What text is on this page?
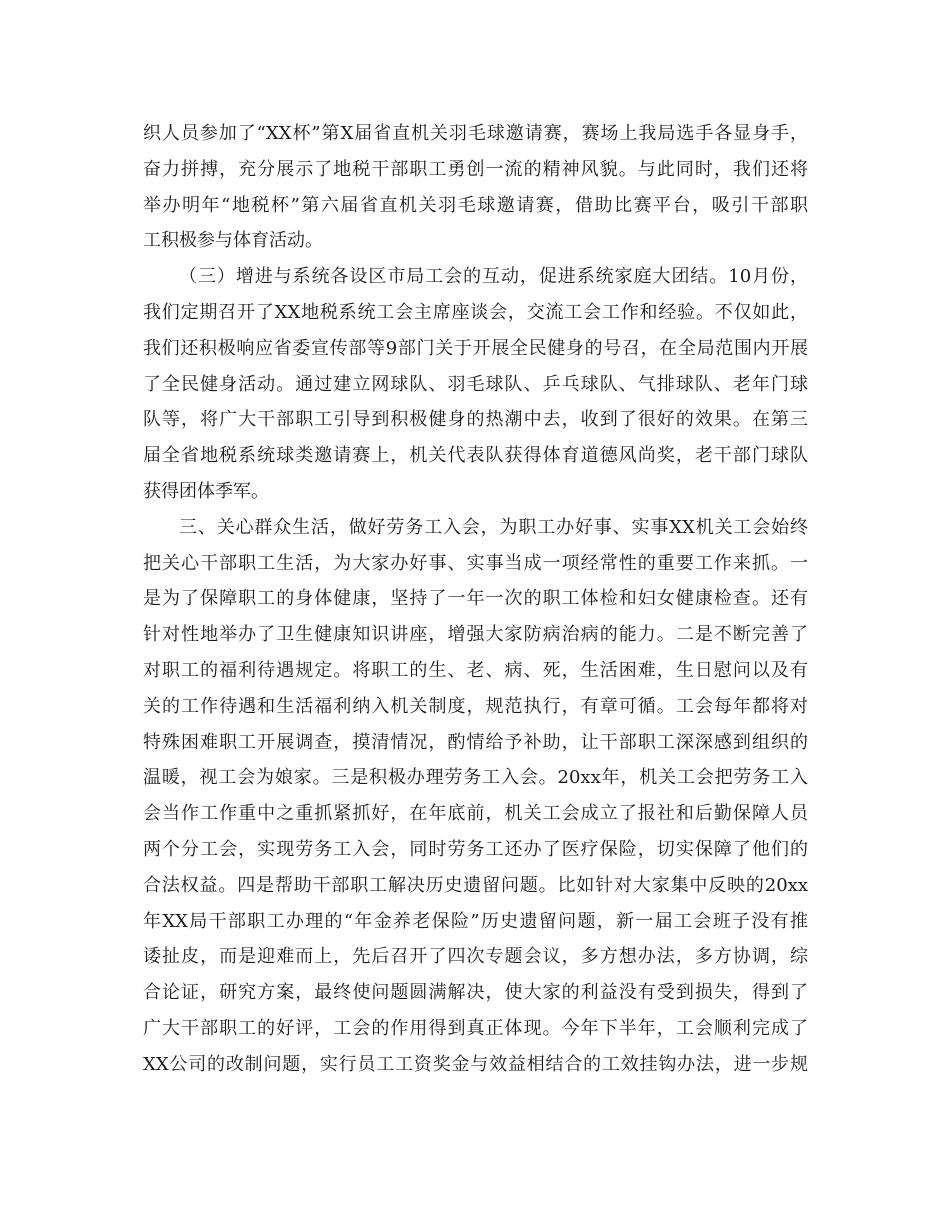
织人员参加了“XX杯”第X届省直机关羽毛球邀请赛，赛场上我局选手各显身手，
奋力拼搏，充分展示了地税干部职工勇创一流的精神风貌。与此同时，我们还将
举办明年“地税杯”第六届省直机关羽毛球邀请赛，借助比赛平台，吸引干部职
工积极参与体育活动。
（三）增进与系统各设区市局工会的互动，促进系统家庭大团结。10月份，
我们定期召开了XX地税系统工会主席座谈会，交流工会工作和经验。不仅如此，
我们还积极响应省委宣传部等9部门关于开展全民健身的号召，在全局范围内开展
了全民健身活动。通过建立网球队、羽毛球队、乒乓球队、气排球队、老年门球
队等，将广大干部职工引导到积极健身的热潮中去，收到了很好的效果。在第三
届全省地税系统球类邀请赛上，机关代表队获得体育道德风尚奖，老干部门球队
获得团体季军。
三、关心群众生活，做好劳务工入会，为职工办好事、实事XX机关工会始终
把关心干部职工生活，为大家办好事、实事当成一项经常性的重要工作来抓。一
是为了保障职工的身体健康，坚持了一年一次的职工体检和妇女健康检查。还有
针对性地举办了卫生健康知识讲座，增强大家防病治病的能力。二是不断完善了
对职工的福利待遇规定。将职工的生、老、病、死，生活困难，生日慰问以及有
关的工作待遇和生活福利纳入机关制度，规范执行，有章可循。工会每年都将对
特殊困难职工开展调查，摸清情况，酌情给予补助，让干部职工深深感到组织的
温暖，视工会为娘家。三是积极办理劳务工入会。20xx年，机关工会把劳务工入
会当作工作重中之重抓紧抓好，在年底前，机关工会成立了报社和后勤保障人员
两个分工会，实现劳务工入会，同时劳务工还办了医疗保险，切实保障了他们的
合法权益。四是帮助干部职工解决历史遗留问题。比如针对大家集中反映的20xx
年XX局干部职工办理的“年金养老保险”历史遗留问题，新一届工会班子没有推
诿扯皮，而是迎难而上，先后召开了四次专题会议，多方想办法，多方协调，综
合论证，研究方案，最终使问题圆满解决，使大家的利益没有受到损失，得到了
广大干部职工的好评，工会的作用得到真正体现。今年下半年，工会顺利完成了
XX公司的改制问题，实行员工工资奖金与效益相结合的工效挂钩办法，进一步规
